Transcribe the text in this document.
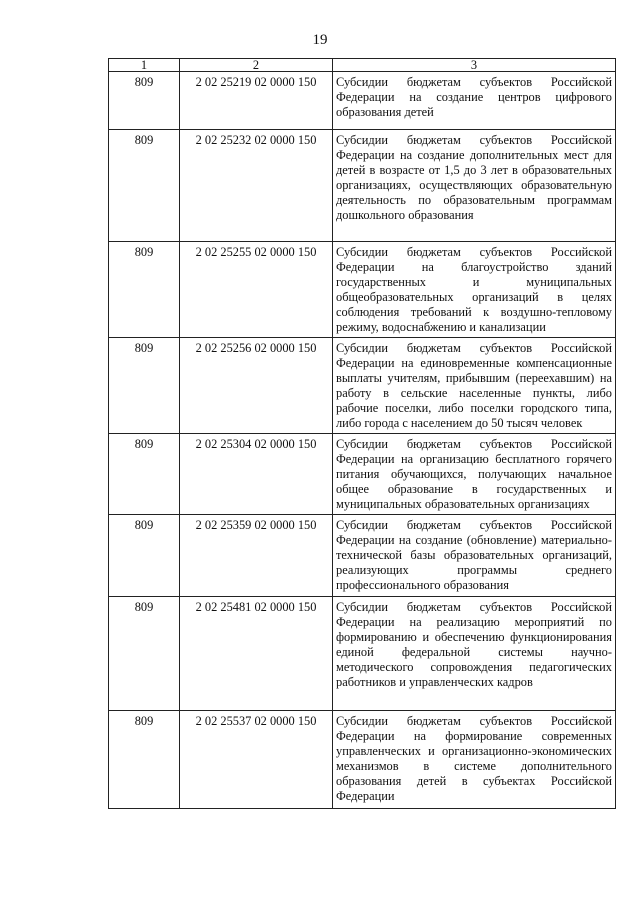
19
1	2	3
809	2 02 25219 02 0000 150	Субсидии бюджетам субъектов Российской Федерации на создание центров цифрового образования детей
809	2 02 25232 02 0000 150	Субсидии бюджетам субъектов Российской Федерации на создание дополнительных мест для детей в возрасте от 1,5 до 3 лет в образовательных организациях, осуществляющих образовательную деятельность по образовательным программам дошкольного образования
809	2 02 25255 02 0000 150	Субсидии бюджетам субъектов Российской Федерации на благоустройство зданий государственных и муниципальных общеобразовательных организаций в целях соблюдения требований к воздушно-тепловому режиму, водоснабжению и канализации
809	2 02 25256 02 0000 150	Субсидии бюджетам субъектов Российской Федерации на единовременные компенсационные выплаты учителям, прибывшим (переехавшим) на работу в сельские населенные пункты, либо рабочие поселки, либо поселки городского типа, либо города с населением до 50 тысяч человек
809	2 02 25304 02 0000 150	Субсидии бюджетам субъектов Российской Федерации на организацию бесплатного горячего питания обучающихся, получающих начальное общее образование в государственных и муниципальных образовательных организациях
809	2 02 25359 02 0000 150	Субсидии бюджетам субъектов Российской Федерации на создание (обновление) материально-технической базы образовательных организаций, реализующих программы среднего профессионального образования
809	2 02 25481 02 0000 150	Субсидии бюджетам субъектов Российской Федерации на реализацию мероприятий по формированию и обеспечению функционирования единой федеральной системы научно-методического сопровождения педагогических работников и управленческих кадров
809	2 02 25537 02 0000 150	Субсидии бюджетам субъектов Российской Федерации на формирование современных управленческих и организационно-экономических механизмов в системе дополнительного образования детей в субъектах Российской Федерации
